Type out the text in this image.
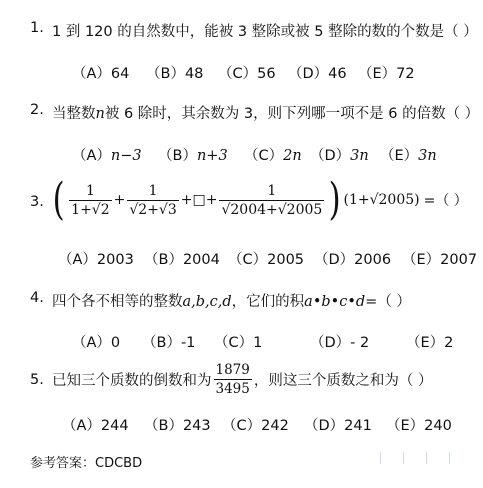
1. 1 到 120 的自然数中，能被 3 整除或被 5 整除的数的个数是（ ）
（A）64	（B）48	（C）56 （D）46 （E）72
2. 当整数n被 6 除时，其余数为 3，则下列哪一项不是 6 的倍数（ ）
（A）n−3	（B）n+3	（C）2n （D）3n （E）3n
3. ( $\frac{1}{1+√2} + \frac{1}{√2+√3}$ +□+ $\frac{1}{√2004+√2005}$ ) (1+√2005) =（ ）
（A）2003 （B）2004 （C）2005 （D）2006 （E）2007
4. 四个各不相等的整数a,b,c,d，它们的积a•b•c•d=（ ）
（A）0	（B）-1	（C）1	（D）- 2	（E）2
5. 已知三个质数的倒数和为 $\frac{1879}{3495}$ ，则这三个质数之和为（ ）
（A）244	（B）243 （C）242	（D）241 （E）240
参考答案：CDCBD
